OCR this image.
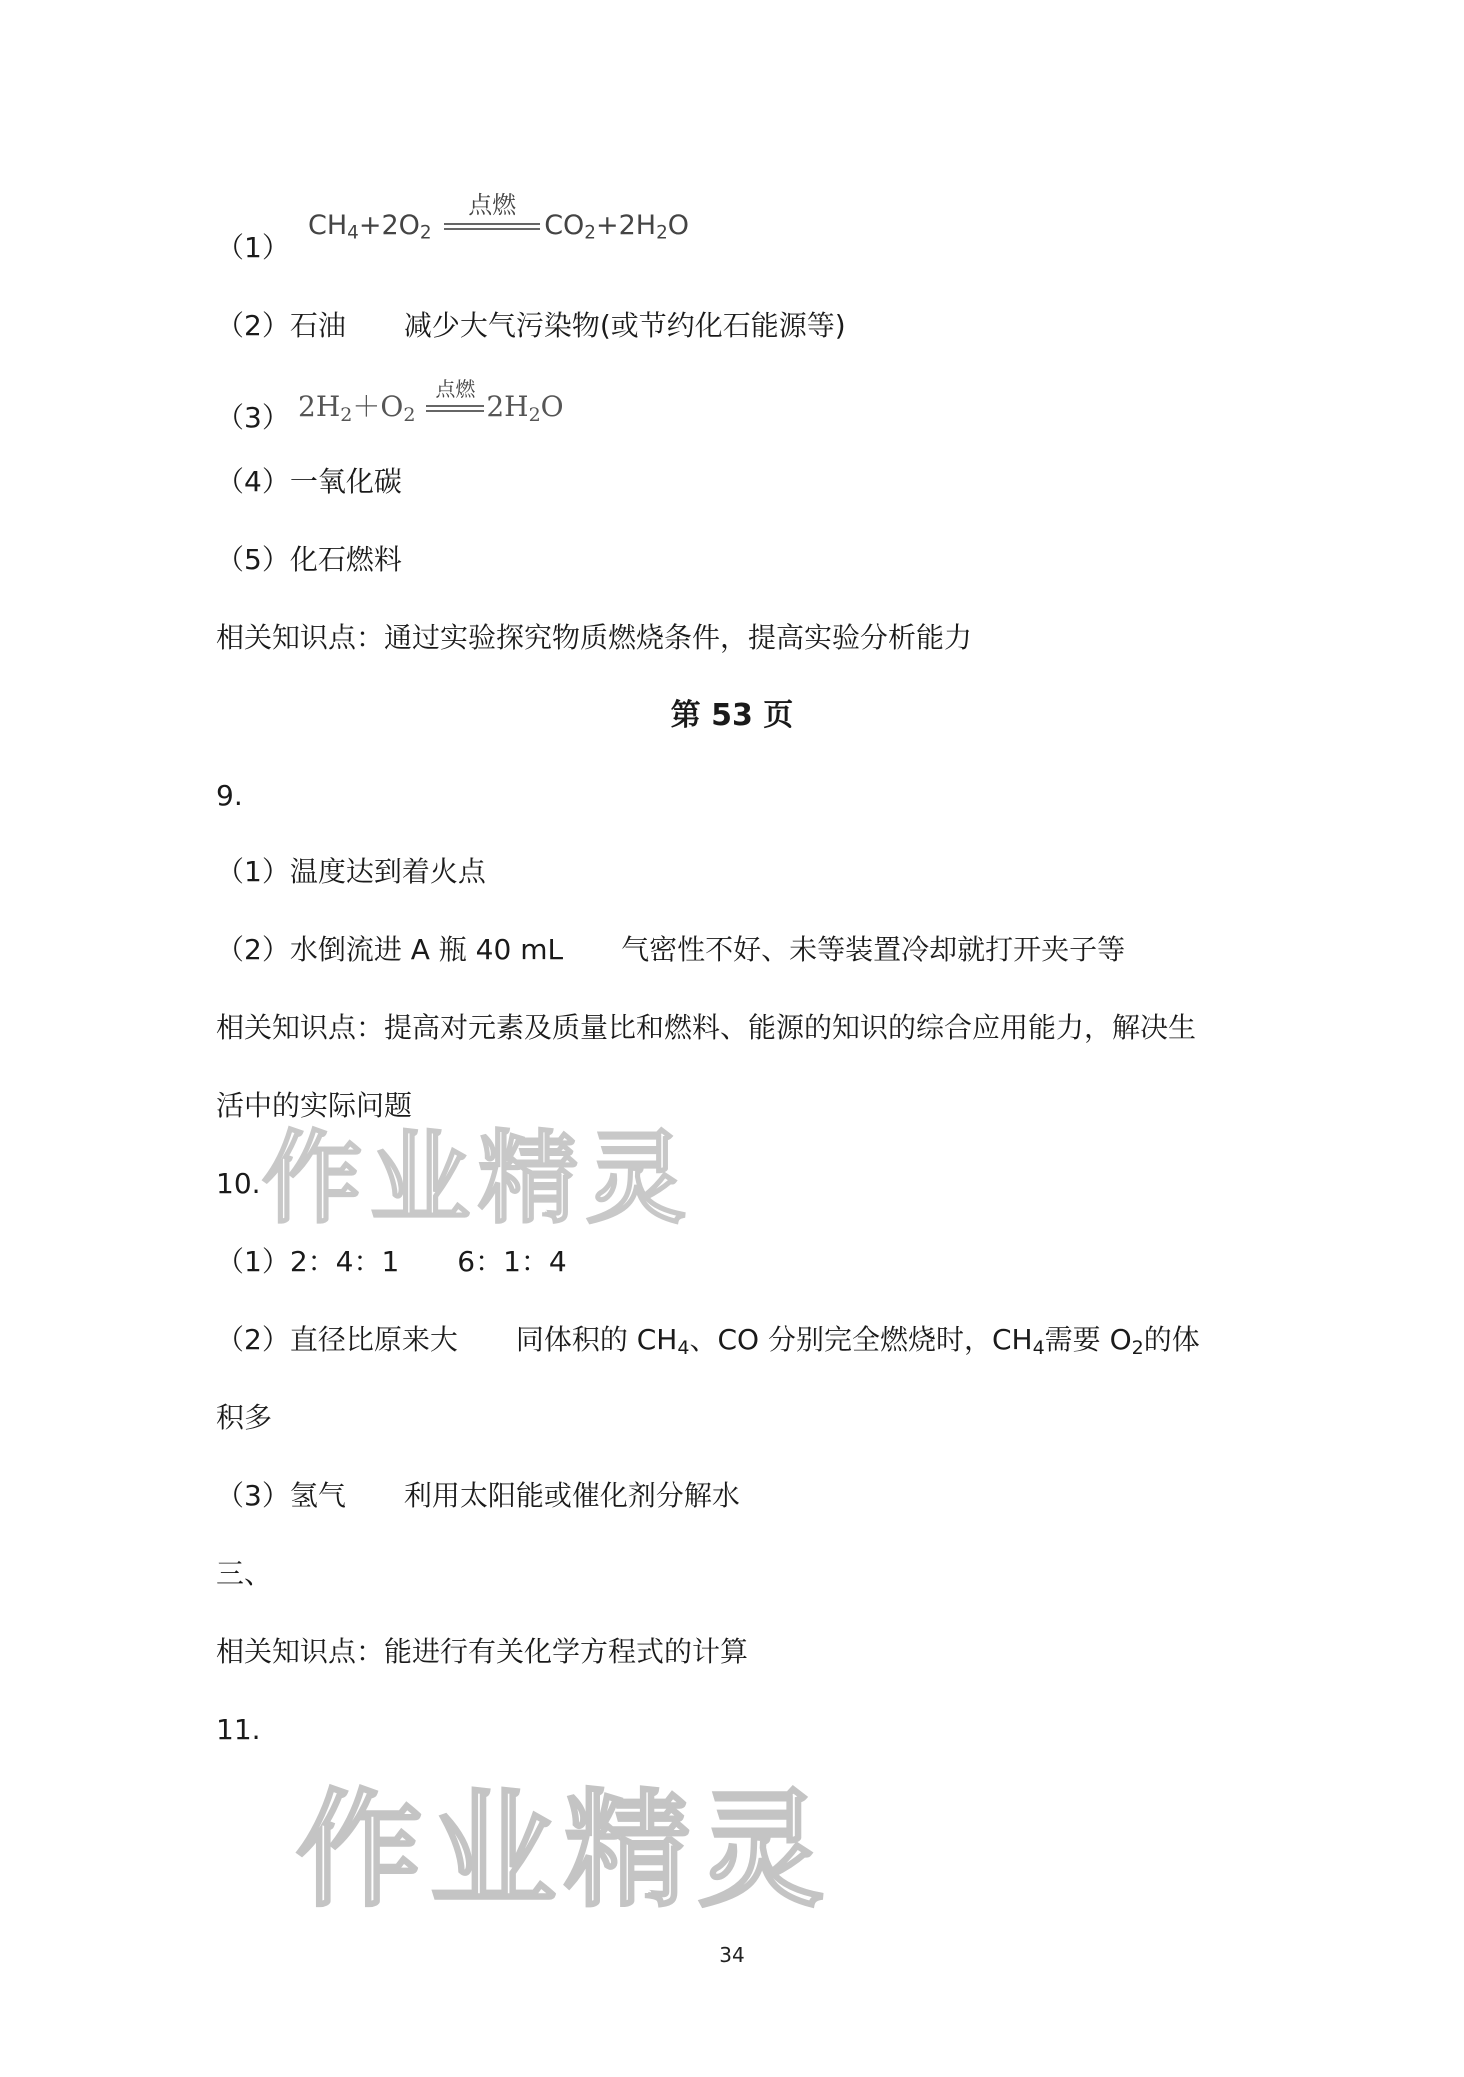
（1）
$CH_4+2O_2$
点燃
$CO_2+2H_2O$
（2）石油 减少大气污染物(或节约化石能源等)
（3） $2H_2+O_2$
点燃
$2H_2O$
（4）一氧化碳
（5）化石燃料
相关知识点：通过实验探究物质燃烧条件，提高实验分析能力
第 53 页
9.
（1）温度达到着火点
（2）水倒流进 A 瓶 40 mL 气密性不好、未等装置冷却就打开夹子等
相关知识点：提高对元素及质量比和燃料、能源的知识的综合应用能力，解决生
活中的实际问题
10.
（1）2：4：1 6：1：4
（2）直径比原来大 同体积的 $CH_4$、CO 分别完全燃烧时，$CH_4$需要 $O_2$的体
积多
（3）氢气 利用太阳能或催化剂分解水
三、
相关知识点：能进行有关化学方程式的计算
11.
作业精灵
作业精灵
34
